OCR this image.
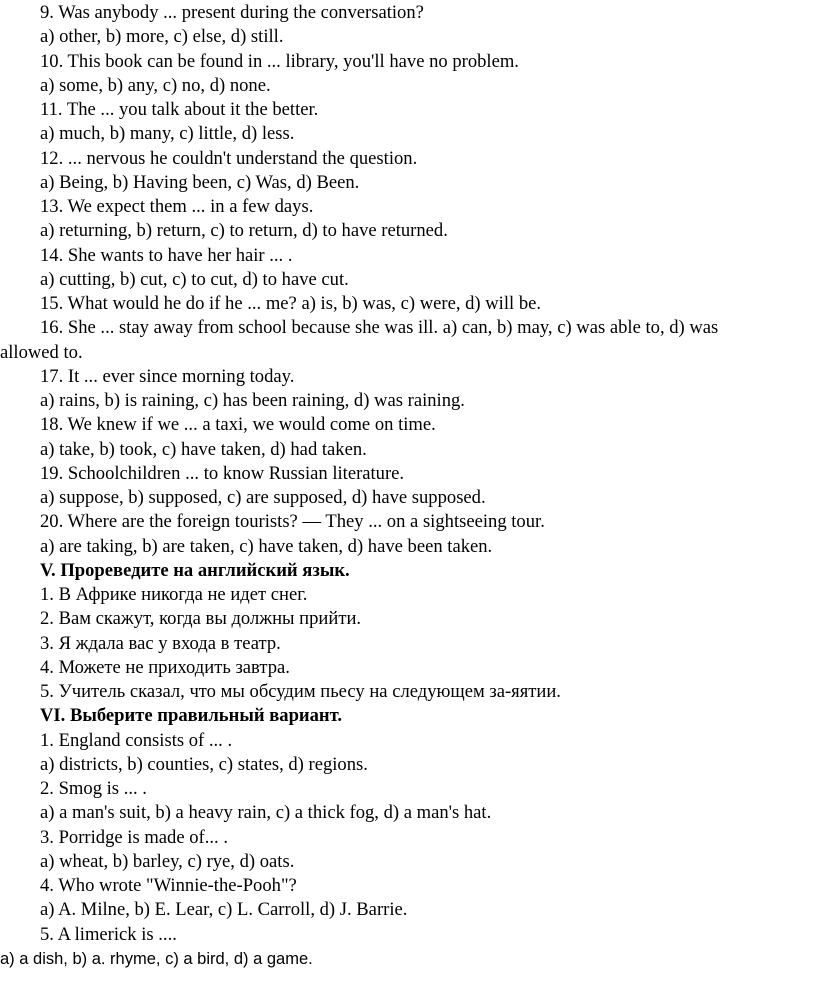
9. Was anybody ... present during the conversation?
a) other, b) more, c) else, d) still.
10. This book can be found in ... library, you'll have no problem.
a) some, b) any, c) no, d) none.
11. The ... you talk about it the better.
a) much, b) many, c) little, d) less.
12. ... nervous he couldn't understand the question.
a) Being, b) Having been, c) Was, d) Been.
13. We expect them ... in a few days.
a) returning, b) return, c) to return, d) to have returned.
14. She wants to have her hair ... .
a) cutting, b) cut, c) to cut, d) to have cut.
15. What would he do if he ... me? a) is, b) was, c) were, d) will be.
16. She ... stay away from school because she was ill. a) can, b) may, c) was able to, d) was
allowed to.
17. It ... ever since morning today.
a) rains, b) is raining, c) has been raining, d) was raining.
18. We knew if we ... a taxi, we would come on time.
a) take, b) took, c) have taken, d) had taken.
19. Schoolchildren ... to know Russian literature.
a) suppose, b) supposed, c) are supposed, d) have supposed.
20. Where are the foreign tourists? — They ... on a sightseeing tour.
a) are taking, b) are taken, c) have taken, d) have been taken.
V. Прореведите на английский язык.
1. В Африке никогда не идет снег.
2. Вам скажут, когда вы должны прийти.
3. Я ждала вас у входа в театр.
4. Можете не приходить завтра.
5. Учитель сказал, что мы обсудим пьесу на следующем за-яятии.
VI. Выберите правильный вариант.
1. England consists of ... .
a) districts, b) counties, c) states, d) regions.
2. Smog is ... .
a) a man's suit, b) a heavy rain, c) a thick fog, d) a man's hat.
3. Porridge is made of... .
a) wheat, b) barley, c) rye, d) oats.
4. Who wrote "Winnie-the-Pooh"?
a) A. Milne, b) E. Lear, c) L. Carroll, d) J. Barrie.
5. A limerick is ....
a) a dish, b) a. rhyme, c) a bird, d) a game.
